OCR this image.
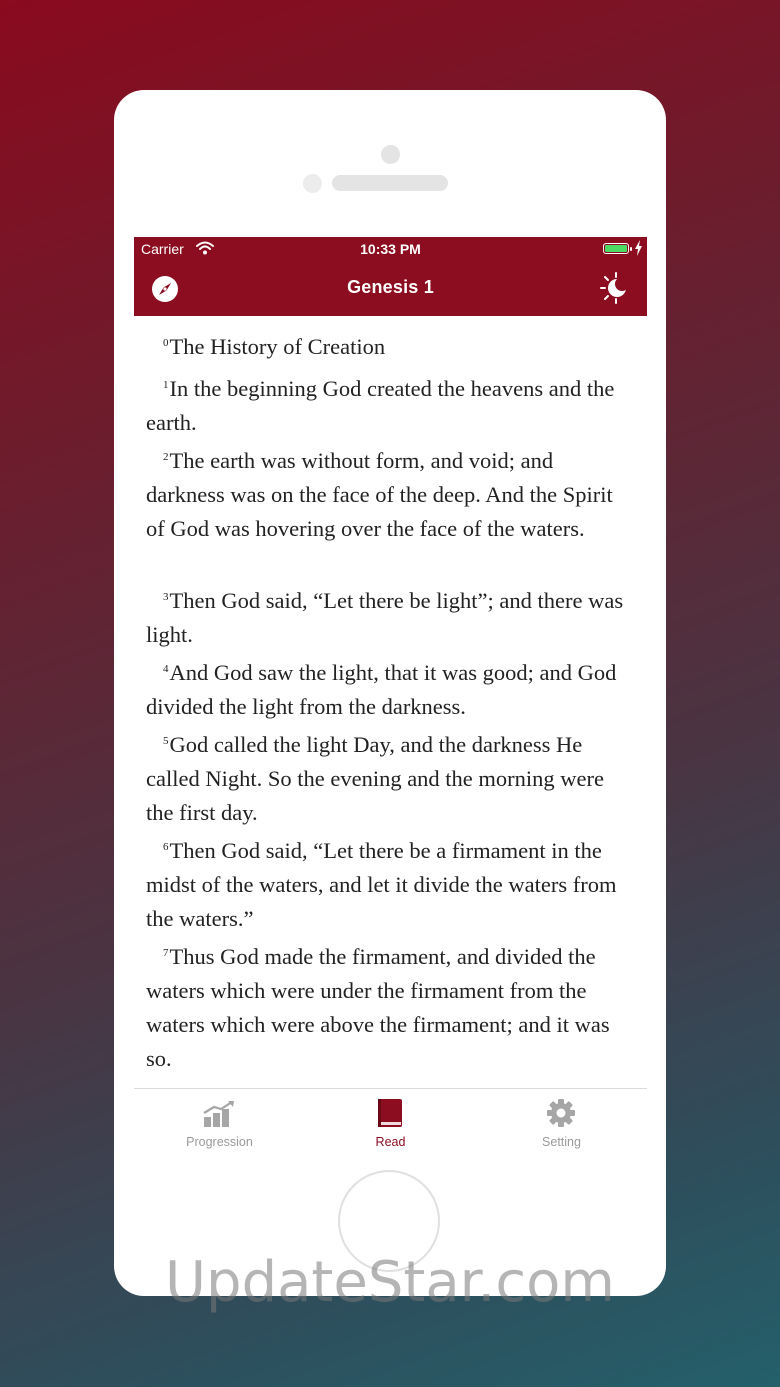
Carrier	10:33 PM
Genesis 1
$^0$The History of Creation

$^1$In the beginning God created the heavens and the earth.

$^2$The earth was without form, and void; and darkness was on the face of the deep. And the Spirit of God was hovering over the face of the waters.

$^3$Then God said, “Let there be light”; and there was light.

$^4$And God saw the light, that it was good; and God divided the light from the darkness.

$^5$God called the light Day, and the darkness He called Night. So the evening and the morning were the first day.

$^6$Then God said, “Let there be a firmament in the midst of the waters, and let it divide the waters from the waters.”

$^7$Thus God made the firmament, and divided the waters which were under the firmament from the waters which were above the firmament; and it was so.

Progression	Read	Setting
UpdateStar.com
